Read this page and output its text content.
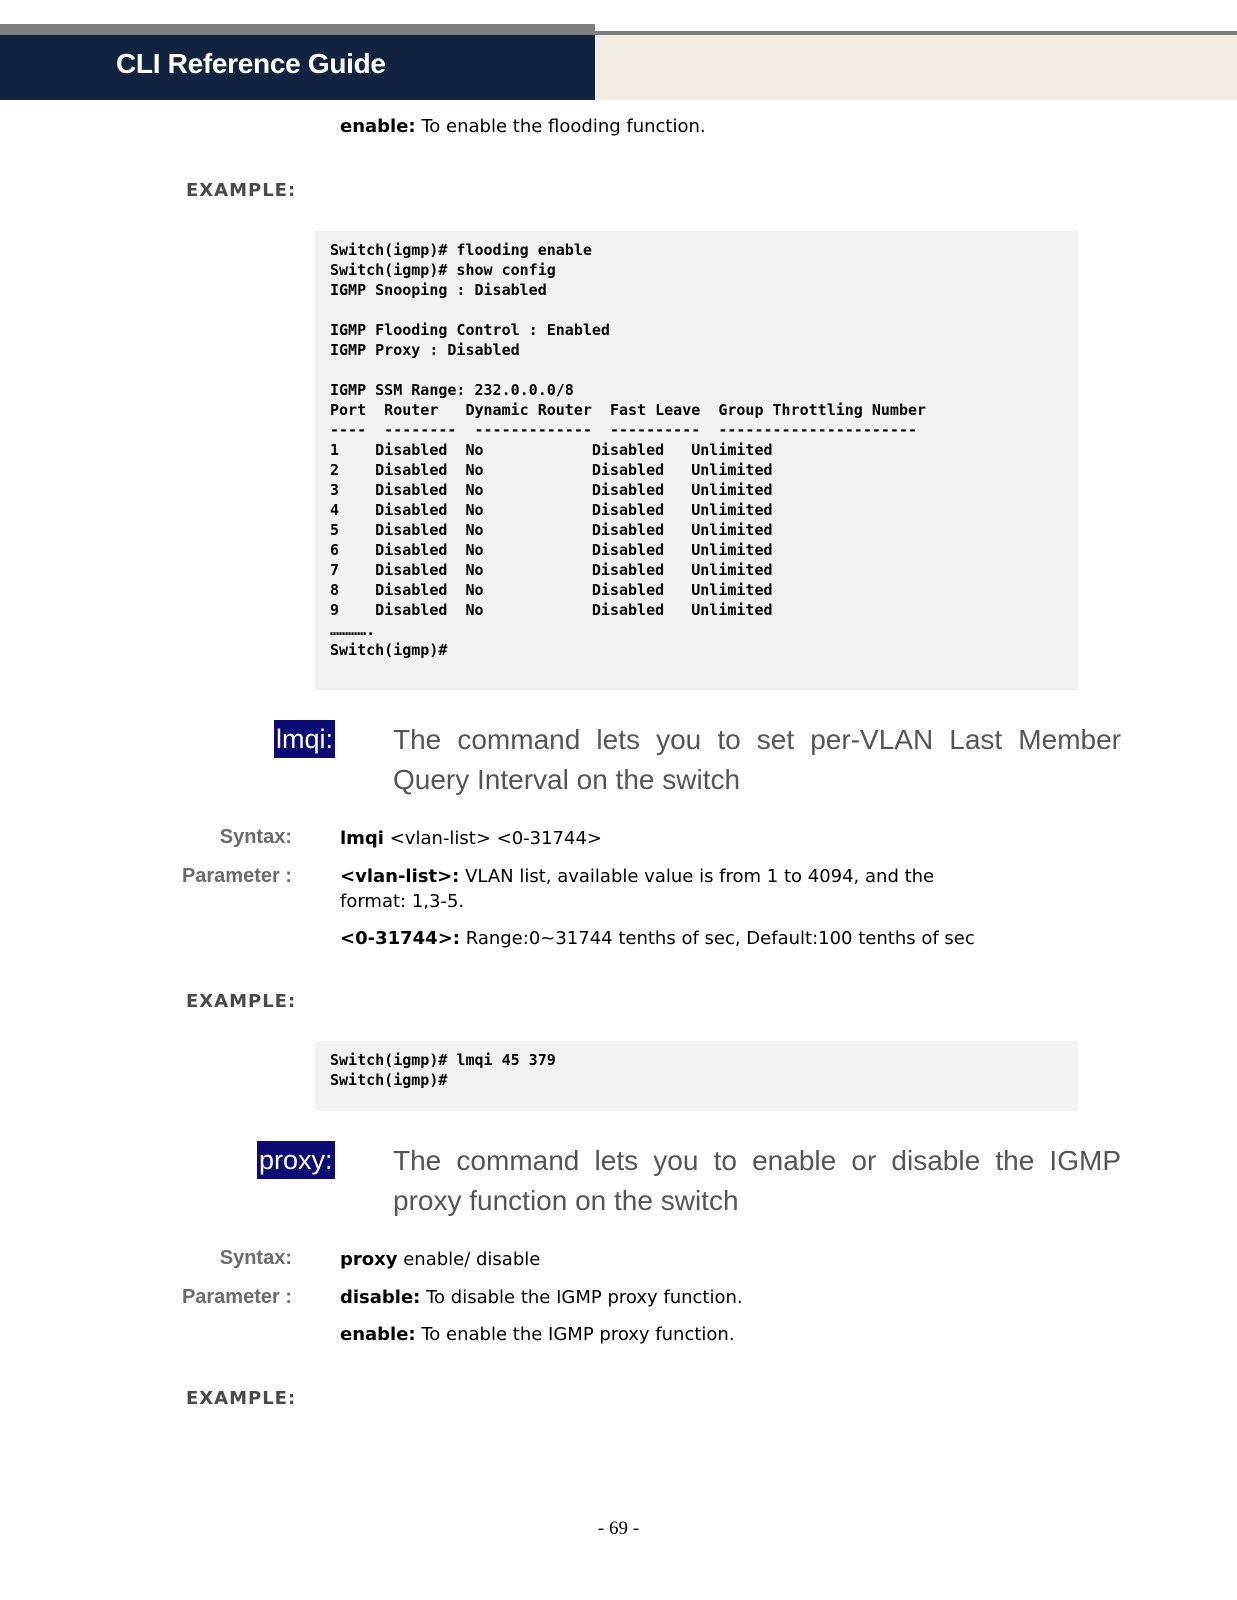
CLI Reference Guide
enable: To enable the flooding function.
EXAMPLE:
Switch(igmp)# flooding enable
Switch(igmp)# show config
IGMP Snooping : Disabled

IGMP Flooding Control : Enabled
IGMP Proxy : Disabled

IGMP SSM Range: 232.0.0.0/8
Port  Router   Dynamic Router  Fast Leave  Group Throttling Number
----  --------  -------------  ----------  ----------------------
1    Disabled  No            Disabled   Unlimited
2    Disabled  No            Disabled   Unlimited
3    Disabled  No            Disabled   Unlimited
4    Disabled  No            Disabled   Unlimited
5    Disabled  No            Disabled   Unlimited
6    Disabled  No            Disabled   Unlimited
7    Disabled  No            Disabled   Unlimited
8    Disabled  No            Disabled   Unlimited
9    Disabled  No            Disabled   Unlimited
………….
Switch(igmp)#
lmqi: The command lets you to set per-VLAN Last Member Query Interval on the switch
Syntax:	lmqi <vlan-list> <0-31744>
Parameter :	<vlan-list>: VLAN list, available value is from 1 to 4094, and the
format: 1,3-5.
<0-31744>: Range:0~31744 tenths of sec, Default:100 tenths of sec
EXAMPLE:
Switch(igmp)# lmqi 45 379
Switch(igmp)#
proxy: The command lets you to enable or disable the IGMP proxy function on the switch
Syntax:	proxy enable/ disable
Parameter :	disable: To disable the IGMP proxy function.
enable: To enable the IGMP proxy function.
EXAMPLE:
- 69 -
